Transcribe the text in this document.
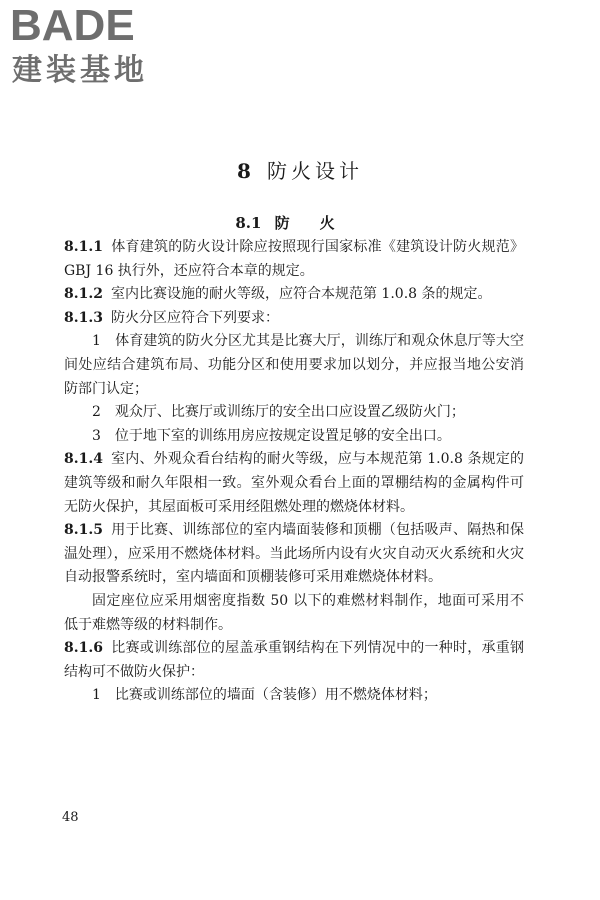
BADE
建装基地
8 防火设计
8.1 防火

8.1.1 体育建筑的防火设计除应按照现行国家标准《建筑设计防火规范》GBJ 16 执行外，还应符合本章的规定。

8.1.2 室内比赛设施的耐火等级，应符合本规范第 1.0.8 条的规定。

8.1.3 防火分区应符合下列要求：

1　体育建筑的防火分区尤其是比赛大厅，训练厅和观众休息厅等大空间处应结合建筑布局、功能分区和使用要求加以划分，并应报当地公安消防部门认定；

2　观众厅、比赛厅或训练厅的安全出口应设置乙级防火门；

3　位于地下室的训练用房应按规定设置足够的安全出口。

8.1.4 室内、外观众看台结构的耐火等级，应与本规范第 1.0.8 条规定的建筑等级和耐久年限相一致。室外观众看台上面的罩棚结构的金属构件可无防火保护，其屋面板可采用经阻燃处理的燃烧体材料。

8.1.5 用于比赛、训练部位的室内墙面装修和顶棚（包括吸声、隔热和保温处理），应采用不燃烧体材料。当此场所内设有火灾自动灭火系统和火灾自动报警系统时，室内墙面和顶棚装修可采用难燃烧体材料。

固定座位应采用烟密度指数 50 以下的难燃材料制作，地面可采用不低于难燃等级的材料制作。

8.1.6 比赛或训练部位的屋盖承重钢结构在下列情况中的一种时，承重钢结构可不做防火保护：

1　比赛或训练部位的墙面（含装修）用不燃烧体材料；

48
